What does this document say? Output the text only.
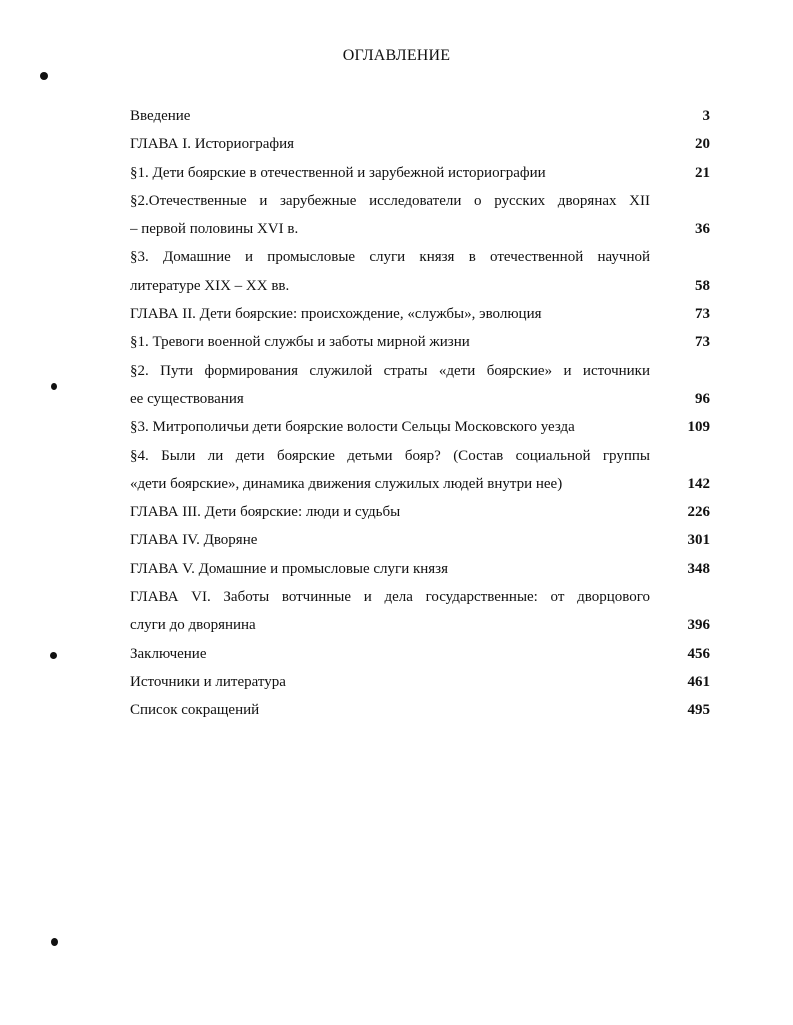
ОГЛАВЛЕНИЕ
Введение	3
ГЛАВА I. Историография	20
§1. Дети боярские в отечественной и зарубежной историографии	21
§2.Отечественные и зарубежные исследователи о русских дворянах XII
– первой половины XVI в.	36
§3. Домашние и промысловые слуги князя в отечественной научной
литературе XIX – XX вв.	58
ГЛАВА II. Дети боярские: происхождение, «службы», эволюция	73
§1. Тревоги военной службы и заботы мирной жизни	73
§2. Пути формирования служилой страты «дети боярские» и источники
ее существования	96
§3. Митрополичьи дети боярские волости Сельцы Московского уезда	109
§4. Были ли дети боярские детьми бояр? (Состав социальной группы
«дети боярские», динамика движения служилых людей внутри нее)	142
ГЛАВА III. Дети боярские: люди и судьбы	226
ГЛАВА IV. Дворяне	301
ГЛАВА V. Домашние и промысловые слуги князя	348
ГЛАВА VI. Заботы вотчинные и дела государственные: от дворцового
слуги до дворянина	396
Заключение	456
Источники и литература	461
Список сокращений	495
